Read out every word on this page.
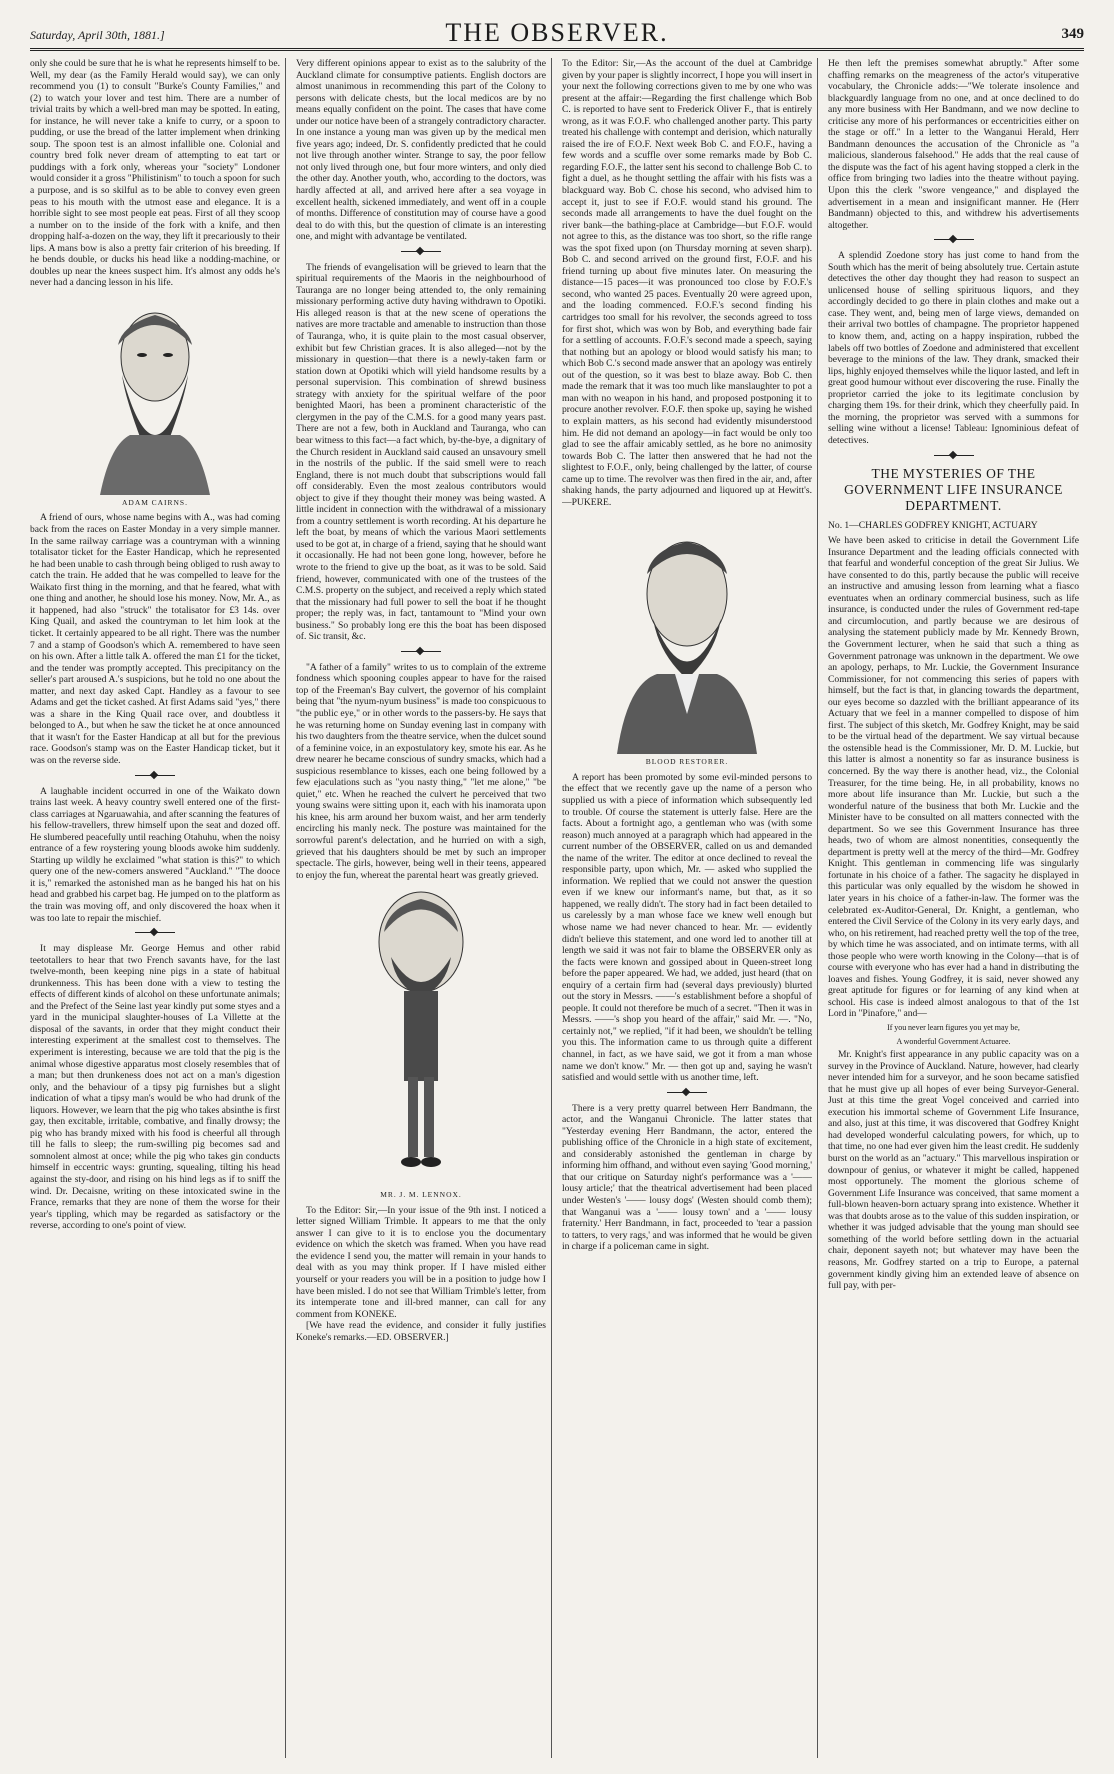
Saturday, April 30th, 1881.]	THE OBSERVER.	349

only she could be sure that he is what he represents himself to be. Well, my dear (as the Family Herald would say), we can only recommend you (1) to consult "Burke's County Families," and (2) to watch your lover and test him. There are a number of trivial traits by which a well-bred man may be spotted. In eating, for instance, he will never take a knife to curry, or a spoon to pudding, or use the bread of the latter implement when drinking soup. The spoon test is an almost infallible one. Colonial and country bred folk never dream of attempting to eat tart or puddings with a fork only, whereas your "society" Londoner would consider it a gross "Philistinism" to touch a spoon for such a purpose, and is so skilful as to be able to convey even green peas to his mouth with the utmost ease and elegance. It is a horrible sight to see most people eat peas. First of all they scoop a number on to the inside of the fork with a knife, and then dropping half-a-dozen on the way, they lift it precariously to their lips. A mans bow is also a pretty fair criterion of his breeding. If he bends double, or ducks his head like a nodding-machine, or doubles up near the knees suspect him. It's almost any odds he's never had a dancing lesson in his life.

ADAM CAIRNS.

A friend of ours, whose name begins with A., was had coming back from the races on Easter Monday in a very simple manner. In the same railway carriage was a countryman with a winning totalisator ticket for the Easter Handicap, which he represented he had been unable to cash through being obliged to rush away to catch the train. He added that he was compelled to leave for the Waikato first thing in the morning, and that he feared, what with one thing and another, he should lose his money. Now, Mr. A., as it happened, had also "struck" the totalisator for £3 14s. over King Quail, and asked the countryman to let him look at the ticket. It certainly appeared to be all right. There was the number 7 and a stamp of Goodson's which A. remembered to have seen on his own. After a little talk A. offered the man £1 for the ticket, and the tender was promptly accepted. This precipitancy on the seller's part aroused A.'s suspicions, but he told no one about the matter, and next day asked Capt. Handley as a favour to see Adams and get the ticket cashed. At first Adams said "yes," there was a share in the King Quail race over, and doubtless it belonged to A., but when he saw the ticket he at once announced that it wasn't for the Easter Handicap at all but for the previous race. Goodson's stamp was on the Easter Handicap ticket, but it was on the reverse side.

A laughable incident occurred in one of the Waikato down trains last week. A heavy country swell entered one of the first-class carriages at Ngaruawahia, and after scanning the features of his fellow-travellers, threw himself upon the seat and dozed off. He slumbered peacefully until reaching Otahuhu, when the noisy entrance of a few roystering young bloods awoke him suddenly. Starting up wildly he exclaimed "what station is this?" to which query one of the new-comers answered "Auckland." "The dooce it is," remarked the astonished man as he banged his hat on his head and grabbed his carpet bag. He jumped on to the platform as the train was moving off, and only discovered the hoax when it was too late to repair the mischief.

It may displease Mr. George Hemus and other rabid teetotallers to hear that two French savants have, for the last twelve-month, been keeping nine pigs in a state of habitual drunkenness. This has been done with a view to testing the effects of different kinds of alcohol on these unfortunate animals; and the Prefect of the Seine last year kindly put some styes and a yard in the municipal slaughter-houses of La Villette at the disposal of the savants, in order that they might conduct their interesting experiment at the smallest cost to themselves. The experiment is interesting, because we are told that the pig is the animal whose digestive apparatus most closely resembles that of a man; but then drunkeness does not act on a man's digestion only, and the behaviour of a tipsy pig furnishes but a slight indication of what a tipsy man's would be who had drunk of the liquors. However, we learn that the pig who takes absinthe is first gay, then excitable, irritable, combative, and finally drowsy; the pig who has brandy mixed with his food is cheerful all through till he falls to sleep; the rum-swilling pig becomes sad and somnolent almost at once; while the pig who takes gin conducts himself in eccentric ways: grunting, squealing, tilting his head against the sty-door, and rising on his hind legs as if to sniff the wind. Dr. Decaisne, writing on these intoxicated swine in the France, remarks that they are none of them the worse for their year's tippling, which may be regarded as satisfactory or the reverse, according to one's point of view.

Very different opinions appear to exist as to the salubrity of the Auckland climate for consumptive patients. English doctors are almost unanimous in recommending this part of the Colony to persons with delicate chests, but the local medicos are by no means equally confident on the point. The cases that have come under our notice have been of a strangely contradictory character. In one instance a young man was given up by the medical men five years ago; indeed, Dr. S. confidently predicted that he could not live through another winter. Strange to say, the poor fellow not only lived through one, but four more winters, and only died the other day. Another youth, who, according to the doctors, was hardly affected at all, and arrived here after a sea voyage in excellent health, sickened immediately, and went off in a couple of months. Difference of constitution may of course have a good deal to do with this, but the question of climate is an interesting one, and might with advantage be ventilated.

The friends of evangelisation will be grieved to learn that the spiritual requirements of the Maoris in the neighbourhood of Tauranga are no longer being attended to, the only remaining missionary performing active duty having withdrawn to Opotiki. His alleged reason is that at the new scene of operations the natives are more tractable and amenable to instruction than those of Tauranga, who, it is quite plain to the most casual observer, exhibit but few Christian graces. It is also alleged—not by the missionary in question—that there is a newly-taken farm or station down at Opotiki which will yield handsome results by a personal supervision. This combination of shrewd business strategy with anxiety for the spiritual welfare of the poor benighted Maori, has been a prominent characteristic of the clergymen in the pay of the C.M.S. for a good many years past. There are not a few, both in Auckland and Tauranga, who can bear witness to this fact—a fact which, by-the-bye, a dignitary of the Church resident in Auckland said caused an unsavoury smell in the nostrils of the public. If the said smell were to reach England, there is not much doubt that subscriptions would fall off considerably. Even the most zealous contributors would object to give if they thought their money was being wasted. A little incident in connection with the withdrawal of a missionary from a country settlement is worth recording. At his departure he left the boat, by means of which the various Maori settlements used to be got at, in charge of a friend, saying that he should want it occasionally. He had not been gone long, however, before he wrote to the friend to give up the boat, as it was to be sold. Said friend, however, communicated with one of the trustees of the C.M.S. property on the subject, and received a reply which stated that the missionary had full power to sell the boat if he thought proper; the reply was, in fact, tantamount to "Mind your own business." So probably long ere this the boat has been disposed of. Sic transit, &c.

"A father of a family" writes to us to complain of the extreme fondness which spooning couples appear to have for the raised top of the Freeman's Bay culvert, the governor of his complaint being that "the nyum-nyum business" is made too conspicuous to "the public eye," or in other words to the passers-by. He says that he was returning home on Sunday evening last in company with his two daughters from the theatre service, when the dulcet sound of a feminine voice, in an expostulatory key, smote his ear. As he drew nearer he became conscious of sundry smacks, which had a suspicious resemblance to kisses, each one being followed by a few ejaculations such as "you nasty thing," "let me alone," "be quiet," etc. When he reached the culvert he perceived that two young swains were sitting upon it, each with his inamorata upon his knee, his arm around her buxom waist, and her arm tenderly encircling his manly neck. The posture was maintained for the sorrowful parent's delectation, and he hurried on with a sigh, grieved that his daughters should be met by such an improper spectacle. The girls, however, being well in their teens, appeared to enjoy the fun, whereat the parental heart was greatly grieved.

MR. J. M. LENNOX.

To the Editor: Sir,—In your issue of the 9th inst. I noticed a letter signed William Trimble. It appears to me that the only answer I can give to it is to enclose you the documentary evidence on which the sketch was framed. When you have read the evidence I send you, the matter will remain in your hands to deal with as you may think proper. If I have misled either yourself or your readers you will be in a position to judge how I have been misled. I do not see that William Trimble's letter, from its intemperate tone and ill-bred manner, can call for any comment from KONEKE.

[We have read the evidence, and consider it fully justifies Koneke's remarks.—ED. OBSERVER.]

To the Editor: Sir,—As the account of the duel at Cambridge given by your paper is slightly incorrect, I hope you will insert in your next the following corrections given to me by one who was present at the affair:—Regarding the first challenge which Bob C. is reported to have sent to Frederick Oliver F., that is entirely wrong, as it was F.O.F. who challenged another party. This party treated his challenge with contempt and derision, which naturally raised the ire of F.O.F. Next week Bob C. and F.O.F., having a few words and a scuffle over some remarks made by Bob C. regarding F.O.F., the latter sent his second to challenge Bob C. to fight a duel, as he thought settling the affair with his fists was a blackguard way. Bob C. chose his second, who advised him to accept it, just to see if F.O.F. would stand his ground. The seconds made all arrangements to have the duel fought on the river bank—the bathing-place at Cambridge—but F.O.F. would not agree to this, as the distance was too short, so the rifle range was the spot fixed upon (on Thursday morning at seven sharp). Bob C. and second arrived on the ground first, F.O.F. and his friend turning up about five minutes later. On measuring the distance—15 paces—it was pronounced too close by F.O.F.'s second, who wanted 25 paces. Eventually 20 were agreed upon, and the loading commenced. F.O.F.'s second finding his cartridges too small for his revolver, the seconds agreed to toss for first shot, which was won by Bob, and everything bade fair for a settling of accounts. F.O.F.'s second made a speech, saying that nothing but an apology or blood would satisfy his man; to which Bob C.'s second made answer that an apology was entirely out of the question, so it was best to blaze away. Bob C. then made the remark that it was too much like manslaughter to pot a man with no weapon in his hand, and proposed postponing it to procure another revolver. F.O.F. then spoke up, saying he wished to explain matters, as his second had evidently misunderstood him. He did not demand an apology—in fact would be only too glad to see the affair amicably settled, as he bore no animosity towards Bob C. The latter then answered that he had not the slightest to F.O.F., only, being challenged by the latter, of course came up to time. The revolver was then fired in the air, and, after shaking hands, the party adjourned and liquored up at Hewitt's.—PUKERE.

BLOOD RESTORER.

A report has been promoted by some evil-minded persons to the effect that we recently gave up the name of a person who supplied us with a piece of information which subsequently led to trouble. Of course the statement is utterly false. Here are the facts. About a fortnight ago, a gentleman who was (with some reason) much annoyed at a paragraph which had appeared in the current number of the OBSERVER, called on us and demanded the name of the writer. The editor at once declined to reveal the responsible party, upon which, Mr. — asked who supplied the information. We replied that we could not answer the question even if we knew our informant's name, but that, as it so happened, we really didn't. The story had in fact been detailed to us carelessly by a man whose face we knew well enough but whose name we had never chanced to hear. Mr. — evidently didn't believe this statement, and one word led to another till at length we said it was not fair to blame the OBSERVER only as the facts were known and gossiped about in Queen-street long before the paper appeared. We had, we added, just heard (that on enquiry of a certain firm had (several days previously) blurted out the story in Messrs. ——'s establishment before a shopful of people. It could not therefore be much of a secret. "Then it was in Messrs. ——'s shop you heard of the affair," said Mr. —. "No, certainly not," we replied, "if it had been, we shouldn't be telling you this. The information came to us through quite a different channel, in fact, as we have said, we got it from a man whose name we don't know." Mr. — then got up and, saying he wasn't satisfied and would settle with us another time, left.

There is a very pretty quarrel between Herr Bandmann, the actor, and the Wanganui Chronicle. The latter states that "Yesterday evening Herr Bandmann, the actor, entered the publishing office of the Chronicle in a high state of excitement, and considerably astonished the gentleman in charge by informing him offhand, and without even saying 'Good morning,' that our critique on Saturday night's performance was a '—— lousy article;' that the theatrical advertisement had been placed under Westen's '—— lousy dogs' (Westen should comb them); that Wanganui was a '—— lousy town' and a '—— lousy fraternity.' Herr Bandmann, in fact, proceeded to 'tear a passion to tatters, to very rags,' and was informed that he would be given in charge if a policeman came in sight.

He then left the premises somewhat abruptly." After some chaffing remarks on the meagreness of the actor's vituperative vocabulary, the Chronicle adds:—"We tolerate insolence and blackguardly language from no one, and at once declined to do any more business with Her Bandmann, and we now decline to criticise any more of his performances or eccentricities either on the stage or off." In a letter to the Wanganui Herald, Herr Bandmann denounces the accusation of the Chronicle as "a malicious, slanderous falsehood." He adds that the real cause of the dispute was the fact of his agent having stopped a clerk in the office from bringing two ladies into the theatre without paying. Upon this the clerk "swore vengeance," and displayed the advertisement in a mean and insignificant manner. He (Herr Bandmann) objected to this, and withdrew his advertisements altogether.

A splendid Zoedone story has just come to hand from the South which has the merit of being absolutely true. Certain astute detectives the other day thought they had reason to suspect an unlicensed house of selling spirituous liquors, and they accordingly decided to go there in plain clothes and make out a case. They went, and, being men of large views, demanded on their arrival two bottles of champagne. The proprietor happened to know them, and, acting on a happy inspiration, rubbed the labels off two bottles of Zoedone and administered that excellent beverage to the minions of the law. They drank, smacked their lips, highly enjoyed themselves while the liquor lasted, and left in great good humour without ever discovering the ruse. Finally the proprietor carried the joke to its legitimate conclusion by charging them 19s. for their drink, which they cheerfully paid. In the morning, the proprietor was served with a summons for selling wine without a license! Tableau: Ignominious defeat of detectives.

THE MYSTERIES OF THE GOVERNMENT LIFE INSURANCE DEPARTMENT.
No. 1—CHARLES GODFREY KNIGHT, ACTUARY

We have been asked to criticise in detail the Government Life Insurance Department and the leading officials connected with that fearful and wonderful conception of the great Sir Julius. We have consented to do this, partly because the public will receive an instructive and amusing lesson from learning what a fiasco eventuates when an ordinary commercial business, such as life insurance, is conducted under the rules of Government red-tape and circumlocution, and partly because we are desirous of analysing the statement publicly made by Mr. Kennedy Brown, the Government lecturer, when he said that such a thing as Government patronage was unknown in the department. We owe an apology, perhaps, to Mr. Luckie, the Government Insurance Commissioner, for not commencing this series of papers with himself, but the fact is that, in glancing towards the department, our eyes become so dazzled with the brilliant appearance of its Actuary that we feel in a manner compelled to dispose of him first. The subject of this sketch, Mr. Godfrey Knight, may be said to be the virtual head of the department. We say virtual because the ostensible head is the Commissioner, Mr. D. M. Luckie, but this latter is almost a nonentity so far as insurance business is concerned. By the way there is another head, viz., the Colonial Treasurer, for the time being. He, in all probability, knows no more about life insurance than Mr. Luckie, but such a the wonderful nature of the business that both Mr. Luckie and the Minister have to be consulted on all matters connected with the department. So we see this Government Insurance has three heads, two of whom are almost nonentities, consequently the department is pretty well at the mercy of the third—Mr. Godfrey Knight. This gentleman in commencing life was singularly fortunate in his choice of a father. The sagacity he displayed in this particular was only equalled by the wisdom he showed in later years in his choice of a father-in-law. The former was the celebrated ex-Auditor-General, Dr. Knight, a gentleman, who entered the Civil Service of the Colony in its very early days, and who, on his retirement, had reached pretty well the top of the tree, by which time he was associated, and on intimate terms, with all those people who were worth knowing in the Colony—that is of course with everyone who has ever had a hand in distributing the loaves and fishes. Young Godfrey, it is said, never showed any great aptitude for figures or for learning of any kind when at school. His case is indeed almost analogous to that of the 1st Lord in "Pinafore," and—

If you never learn figures you yet may be,
A wonderful Government Actuaree.

Mr. Knight's first appearance in any public capacity was on a survey in the Province of Auckland. Nature, however, had clearly never intended him for a surveyor, and he soon became satisfied that he must give up all hopes of ever being Surveyor-General. Just at this time the great Vogel conceived and carried into execution his immortal scheme of Government Life Insurance, and also, just at this time, it was discovered that Godfrey Knight had developed wonderful calculating powers, for which, up to that time, no one had ever given him the least credit. He suddenly burst on the world as an "actuary." This marvellous inspiration or downpour of genius, or whatever it might be called, happened most opportunely. The moment the glorious scheme of Government Life Insurance was conceived, that same moment a full-blown heaven-born actuary sprang into existence. Whether it was that doubts arose as to the value of this sudden inspiration, or whether it was judged advisable that the young man should see something of the world before settling down in the actuarial chair, deponent sayeth not; but whatever may have been the reasons, Mr. Godfrey started on a trip to Europe, a paternal government kindly giving him an extended leave of absence on full pay, with per-
